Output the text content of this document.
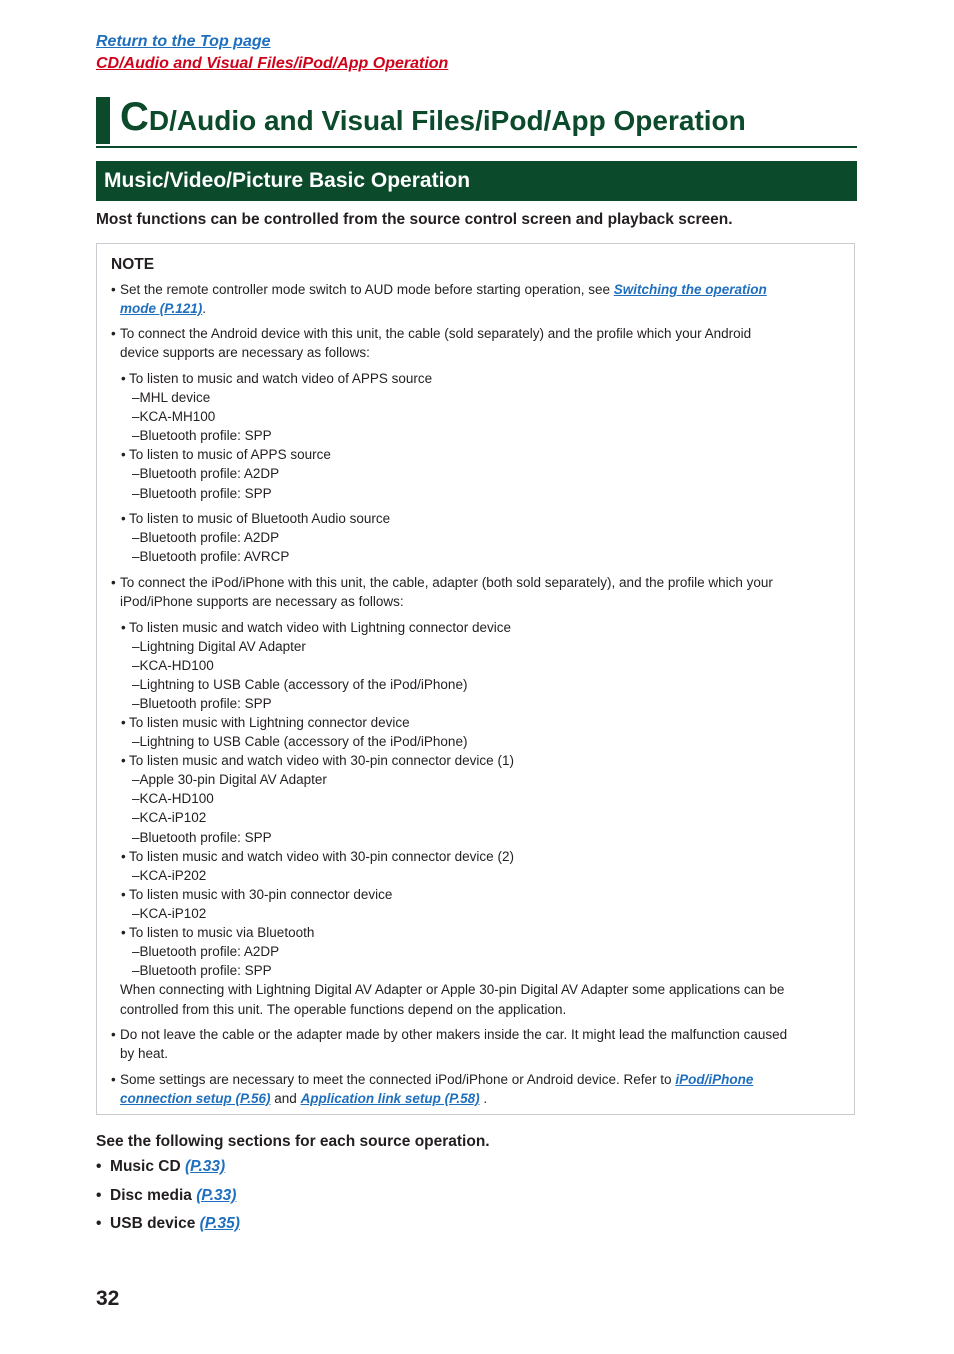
Return to the Top page
CD/Audio and Visual Files/iPod/App Operation
CD/Audio and Visual Files/iPod/App Operation
Music/Video/Picture Basic Operation
Most functions can be controlled from the source control screen and playback screen.
NOTE
• Set the remote controller mode switch to AUD mode before starting operation, see Switching the operation
mode (P.121).
• To connect the Android device with this unit, the cable (sold separately) and the profile which your Android
device supports are necessary as follows:
• To listen to music and watch video of APPS source
–MHL device
–KCA-MH100
–Bluetooth profile: SPP
• To listen to music of APPS source
–Bluetooth profile: A2DP
–Bluetooth profile: SPP
• To listen to music of Bluetooth Audio source
–Bluetooth profile: A2DP
–Bluetooth profile: AVRCP
• To connect the iPod/iPhone with this unit, the cable, adapter (both sold separately), and the profile which your
iPod/iPhone supports are necessary as follows:
• To listen music and watch video with Lightning connector device
–Lightning Digital AV Adapter
–KCA-HD100
–Lightning to USB Cable (accessory of the iPod/iPhone)
–Bluetooth profile: SPP
• To listen music with Lightning connector device
–Lightning to USB Cable (accessory of the iPod/iPhone)
• To listen music and watch video with 30-pin connector device (1)
–Apple 30-pin Digital AV Adapter
–KCA-HD100
–KCA-iP102
–Bluetooth profile: SPP
• To listen music and watch video with 30-pin connector device (2)
–KCA-iP202
• To listen music with 30-pin connector device
–KCA-iP102
• To listen to music via Bluetooth
–Bluetooth profile: A2DP
–Bluetooth profile: SPP
When connecting with Lightning Digital AV Adapter or Apple 30-pin Digital AV Adapter some applications can be
controlled from this unit. The operable functions depend on the application.
• Do not leave the cable or the adapter made by other makers inside the car. It might lead the malfunction caused
by heat.
• Some settings are necessary to meet the connected iPod/iPhone or Android device. Refer to iPod/iPhone
connection setup (P.56) and Application link setup (P.58) .
See the following sections for each source operation.
•  Music CD (P.33)
•  Disc media (P.33)
•  USB device (P.35)
32
